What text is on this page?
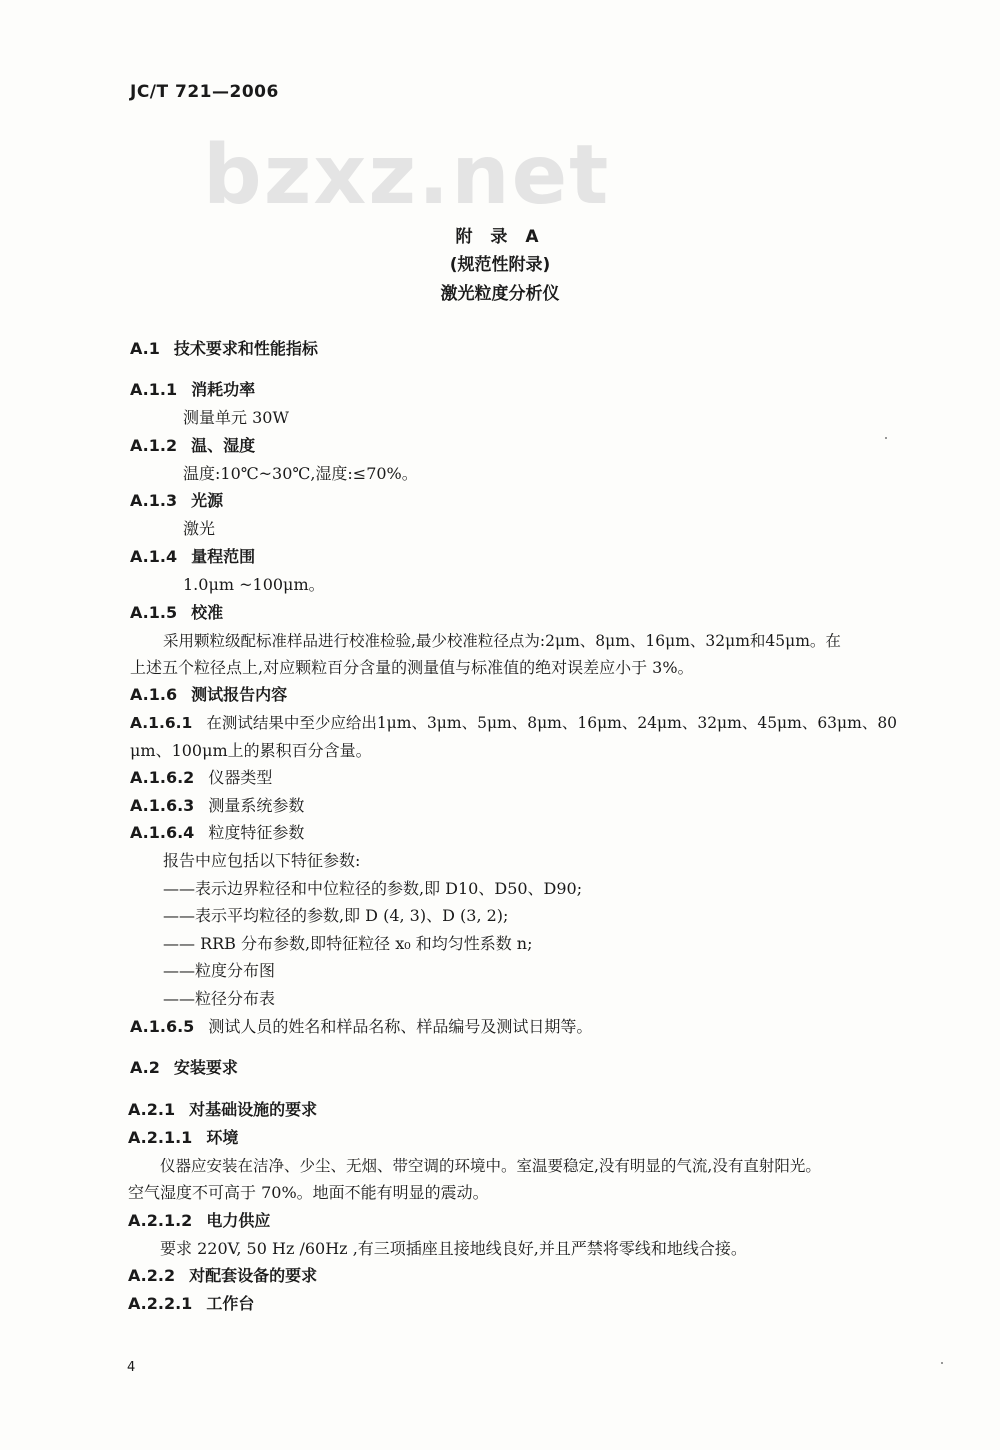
JC/T 721—2006
bzxz.net
附 录 A
(规范性附录)
激光粒度分析仪
A.1 技术要求和性能指标
A.1.1 消耗功率
测量单元 30W
A.1.2 温、湿度
温度:10℃~30℃,湿度:≤70%。
A.1.3 光源
激光
A.1.4 量程范围
1.0μm ~100μm。
A.1.5 校准
采用颗粒级配标准样品进行校准检验,最少校准粒径点为:2μm、8μm、16μm、32μm和45μm。在
上述五个粒径点上,对应颗粒百分含量的测量值与标准值的绝对误差应小于 3%。
A.1.6 测试报告内容
A.1.6.1 在测试结果中至少应给出1μm、3μm、5μm、8μm、16μm、24μm、32μm、45μm、63μm、80
μm、100μm上的累积百分含量。
A.1.6.2 仪器类型
A.1.6.3 测量系统参数
A.1.6.4 粒度特征参数
报告中应包括以下特征参数:
——表示边界粒径和中位粒径的参数,即 D10、D50、D90;
——表示平均粒径的参数,即 D (4, 3)、D (3, 2);
—— RRB 分布参数,即特征粒径 x₀ 和均匀性系数 n;
——粒度分布图
——粒径分布表
A.1.6.5 测试人员的姓名和样品名称、样品编号及测试日期等。
A.2 安装要求
A.2.1 对基础设施的要求
A.2.1.1 环境
仪器应安装在洁净、少尘、无烟、带空调的环境中。室温要稳定,没有明显的气流,没有直射阳光。
空气湿度不可高于 70%。地面不能有明显的震动。
A.2.1.2 电力供应
要求 220V, 50 Hz /60Hz ,有三项插座且接地线良好,并且严禁将零线和地线合接。
A.2.2 对配套设备的要求
A.2.2.1 工作台
4
